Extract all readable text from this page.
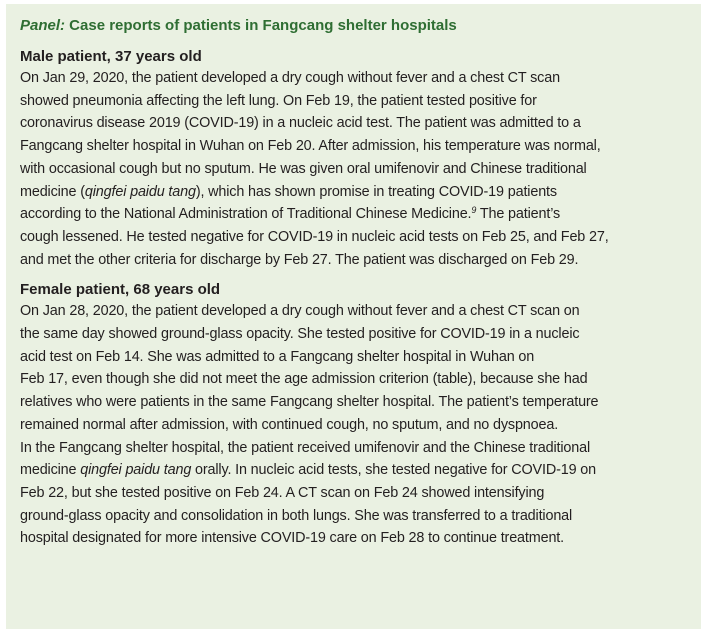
Panel: Case reports of patients in Fangcang shelter hospitals
Male patient, 37 years old
On Jan 29, 2020, the patient developed a dry cough without fever and a chest CT scan
showed pneumonia affecting the left lung. On Feb 19, the patient tested positive for
coronavirus disease 2019 (COVID-19) in a nucleic acid test. The patient was admitted to a
Fangcang shelter hospital in Wuhan on Feb 20. After admission, his temperature was normal,
with occasional cough but no sputum. He was given oral umifenovir and Chinese traditional
medicine (qingfei paidu tang), which has shown promise in treating COVID-19 patients
according to the National Administration of Traditional Chinese Medicine.$^9$ The patient’s
cough lessened. He tested negative for COVID-19 in nucleic acid tests on Feb 25, and Feb 27,
and met the other criteria for discharge by Feb 27. The patient was discharged on Feb 29.
Female patient, 68 years old
On Jan 28, 2020, the patient developed a dry cough without fever and a chest CT scan on
the same day showed ground-glass opacity. She tested positive for COVID-19 in a nucleic
acid test on Feb 14. She was admitted to a Fangcang shelter hospital in Wuhan on
Feb 17, even though she did not meet the age admission criterion (table), because she had
relatives who were patients in the same Fangcang shelter hospital. The patient’s temperature
remained normal after admission, with continued cough, no sputum, and no dyspnoea.
In the Fangcang shelter hospital, the patient received umifenovir and the Chinese traditional
medicine qingfei paidu tang orally. In nucleic acid tests, she tested negative for COVID-19 on
Feb 22, but she tested positive on Feb 24. A CT scan on Feb 24 showed intensifying
ground-glass opacity and consolidation in both lungs. She was transferred to a traditional
hospital designated for more intensive COVID-19 care on Feb 28 to continue treatment.
